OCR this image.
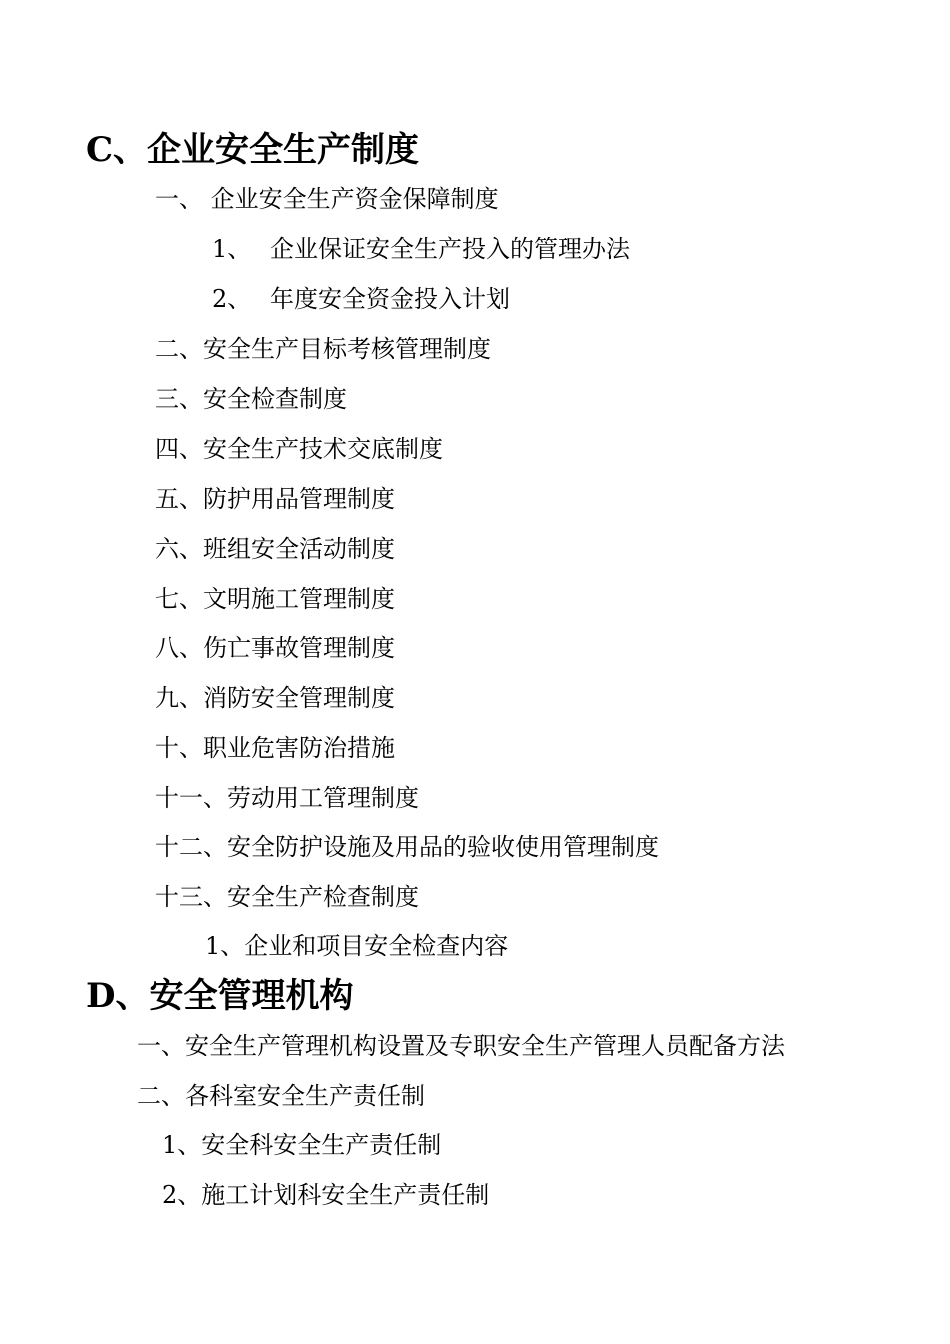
C、企业安全生产制度
一、 企业安全生产资金保障制度
1、 企业保证安全生产投入的管理办法
2、 年度安全资金投入计划
二、安全生产目标考核管理制度
三、安全检查制度
四、安全生产技术交底制度
五、防护用品管理制度
六、班组安全活动制度
七、文明施工管理制度
八、伤亡事故管理制度
九、消防安全管理制度
十、职业危害防治措施
十一、劳动用工管理制度
十二、安全防护设施及用品的验收使用管理制度
十三、安全生产检查制度
1、企业和项目安全检查内容
D、安全管理机构
一、安全生产管理机构设置及专职安全生产管理人员配备方法
二、各科室安全生产责任制
1、安全科安全生产责任制
2、施工计划科安全生产责任制
